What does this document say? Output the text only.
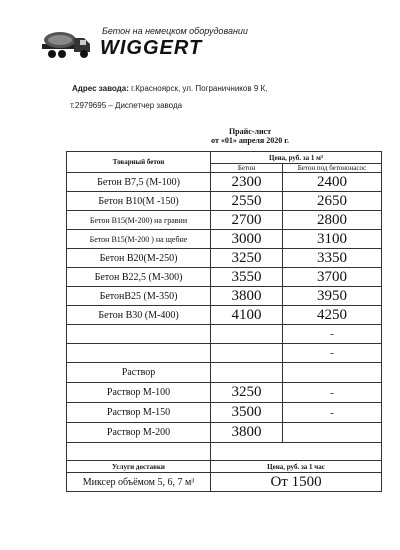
Бетон на немецком оборудовании
WIGGERT
Адрес завода: г.Красноярск, ул. Пограничников 9 К,
т.2979695 – Диспетчер завода
Прайс-лист
от «01» апреля 2020 г.
Товарный бетон	Цена, руб. за 1 м³	
	Бетон	Бетон под бетононасос
Бетон В7,5 (М-100)	2300	2400
Бетон В10(М -150)	2550	2650
Бетон В15(М-200) на гравии	2700	2800
Бетон В15(М-200 ) на щебне	3000	3100
Бетон В20(М-250)	3250	3350
Бетон В22,5 (М-300)	3550	3700
БетонВ25 (М-350)	3800	3950
Бетон В30 (М-400)	4100	4250
		-
		-
Раствор		
Раствор М-100	3250	-
Раствор М-150	3500	-
Раствор М-200	3800	

Услуги доставки	Цена, руб. за 1 час	
Миксер объёмом 5, 6, 7 м³	От 1500	
